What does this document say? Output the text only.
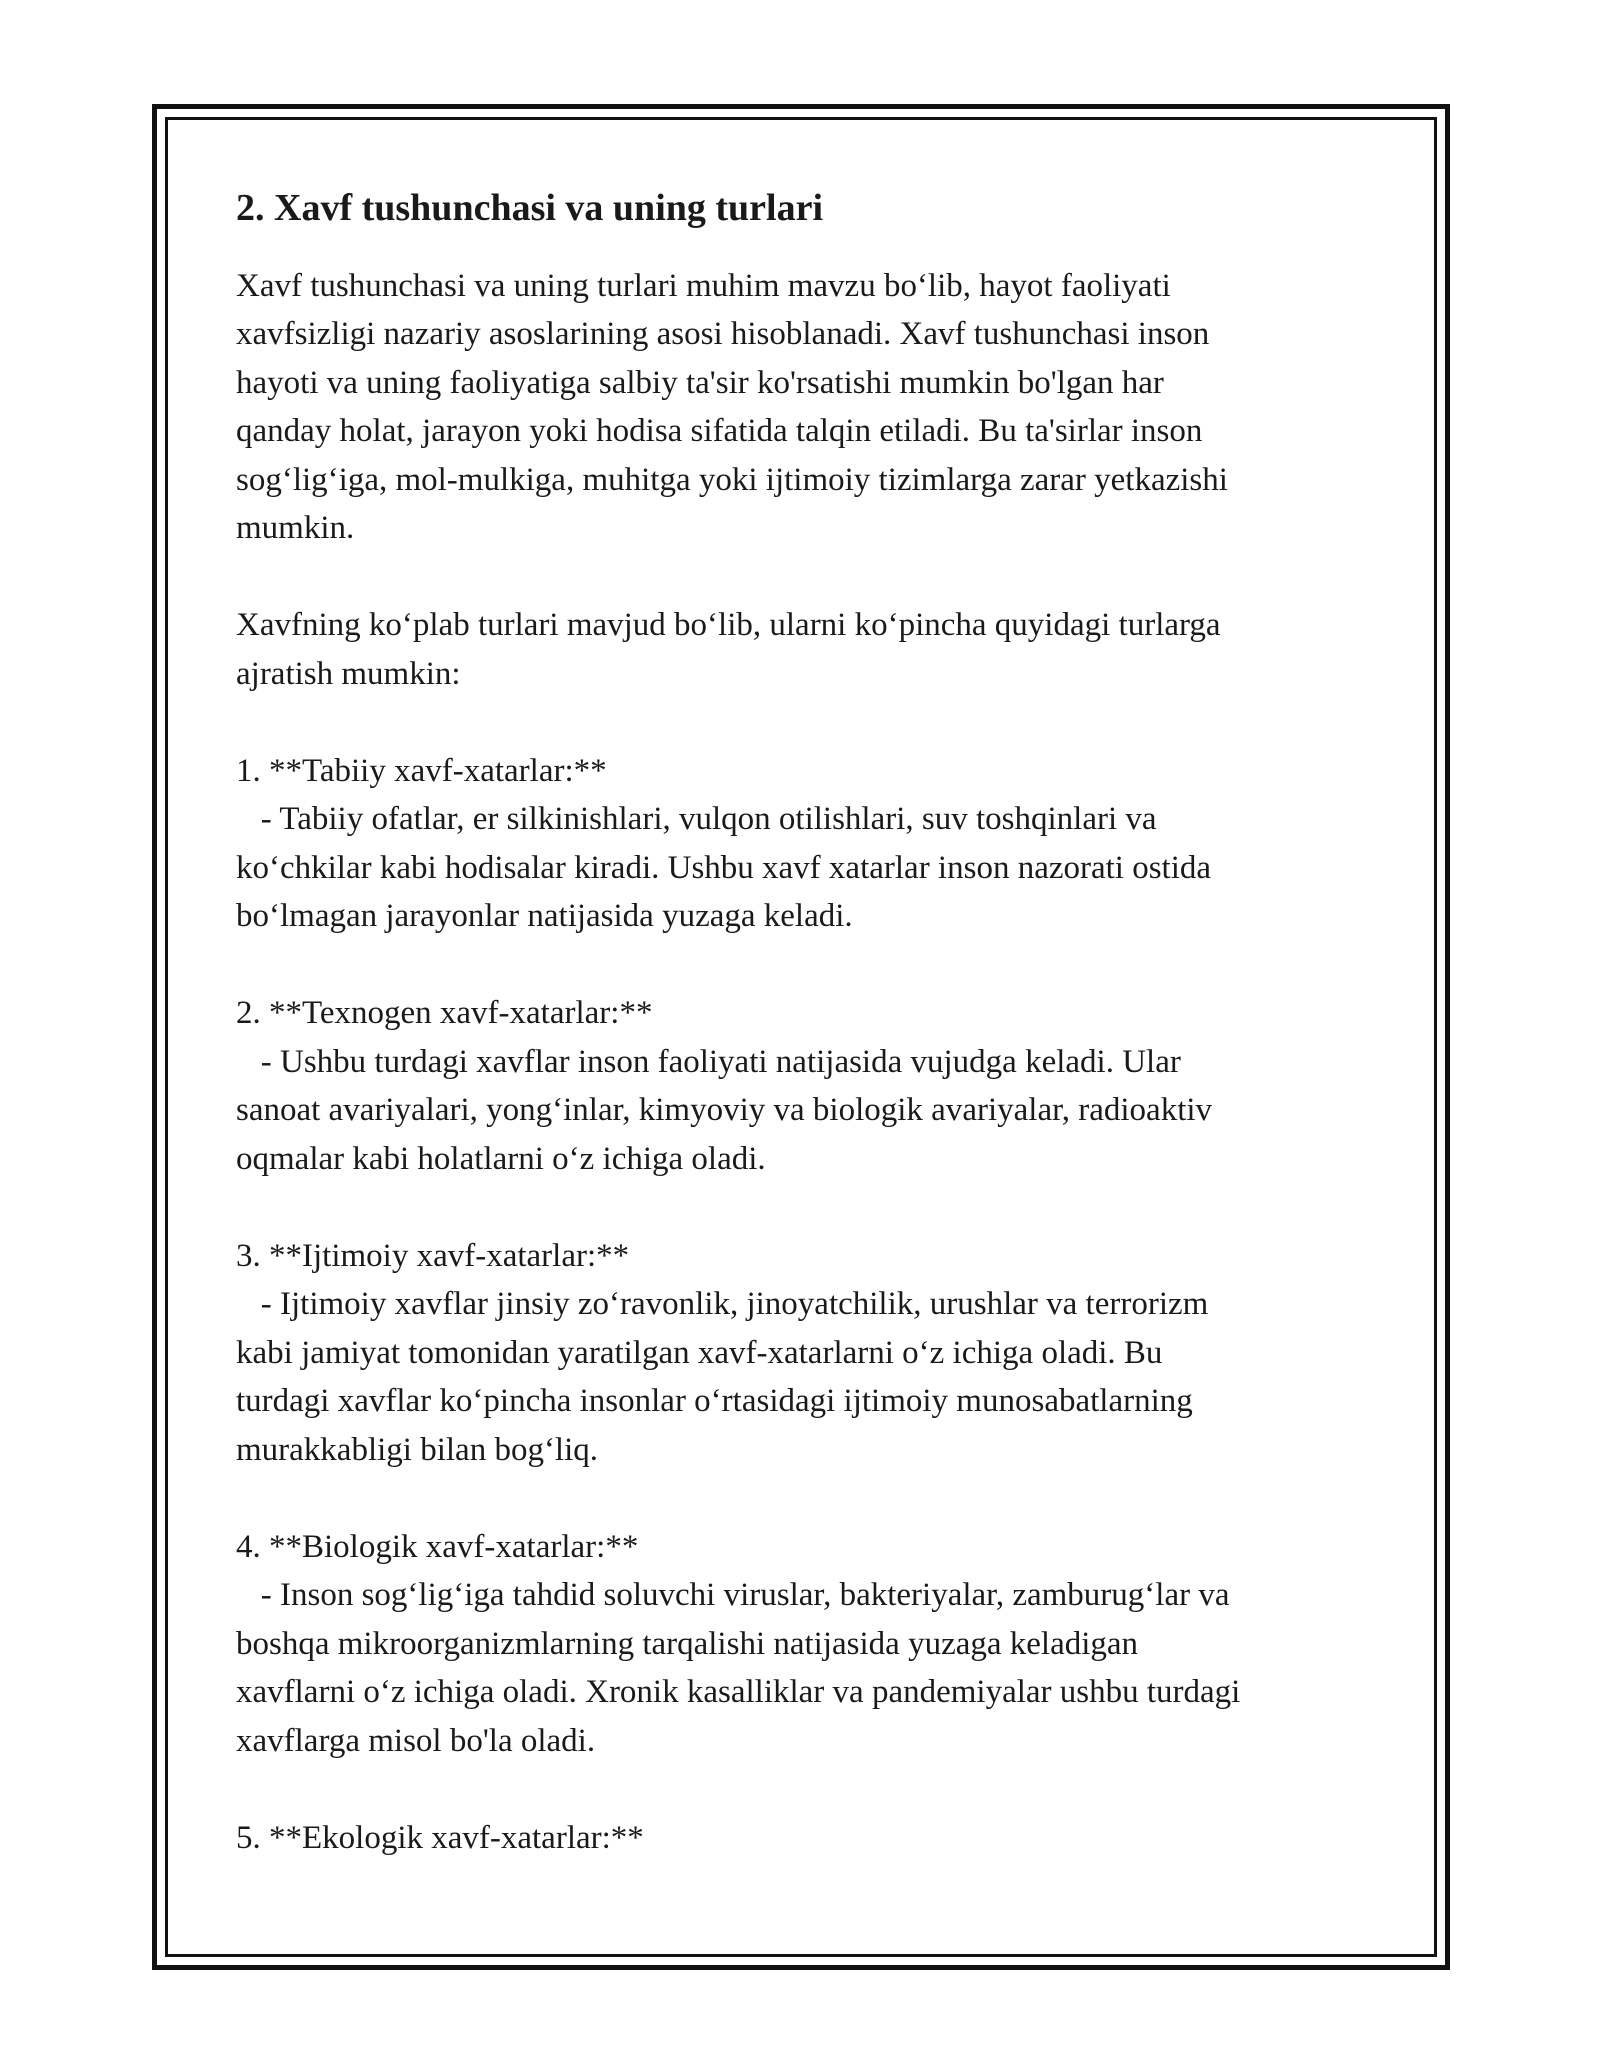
2. Xavf tushunchasi va uning turlari

Xavf tushunchasi va uning turlari muhim mavzu bo‘lib, hayot faoliyati
xavfsizligi nazariy asoslarining asosi hisoblanadi. Xavf tushunchasi inson
hayoti va uning faoliyatiga salbiy ta'sir ko'rsatishi mumkin bo'lgan har
qanday holat, jarayon yoki hodisa sifatida talqin etiladi. Bu ta'sirlar inson
sog‘lig‘iga, mol-mulkiga, muhitga yoki ijtimoiy tizimlarga zarar yetkazishi
mumkin.

Xavfning ko‘plab turlari mavjud bo‘lib, ularni ko‘pincha quyidagi turlarga
ajratish mumkin:

1. **Tabiiy xavf-xatarlar:**
- Tabiiy ofatlar, er silkinishlari, vulqon otilishlari, suv toshqinlari va
ko‘chkilar kabi hodisalar kiradi. Ushbu xavf xatarlar inson nazorati ostida
bo‘lmagan jarayonlar natijasida yuzaga keladi.

2. **Texnogen xavf-xatarlar:**
- Ushbu turdagi xavflar inson faoliyati natijasida vujudga keladi. Ular
sanoat avariyalari, yong‘inlar, kimyoviy va biologik avariyalar, radioaktiv
oqmalar kabi holatlarni o‘z ichiga oladi.

3. **Ijtimoiy xavf-xatarlar:**
- Ijtimoiy xavflar jinsiy zo‘ravonlik, jinoyatchilik, urushlar va terrorizm
kabi jamiyat tomonidan yaratilgan xavf-xatarlarni o‘z ichiga oladi. Bu
turdagi xavflar ko‘pincha insonlar o‘rtasidagi ijtimoiy munosabatlarning
murakkabligi bilan bog‘liq.

4. **Biologik xavf-xatarlar:**
- Inson sog‘lig‘iga tahdid soluvchi viruslar, bakteriyalar, zamburug‘lar va
boshqa mikroorganizmlarning tarqalishi natijasida yuzaga keladigan
xavflarni o‘z ichiga oladi. Xronik kasalliklar va pandemiyalar ushbu turdagi
xavflarga misol bo'la oladi.

5. **Ekologik xavf-xatarlar:**
